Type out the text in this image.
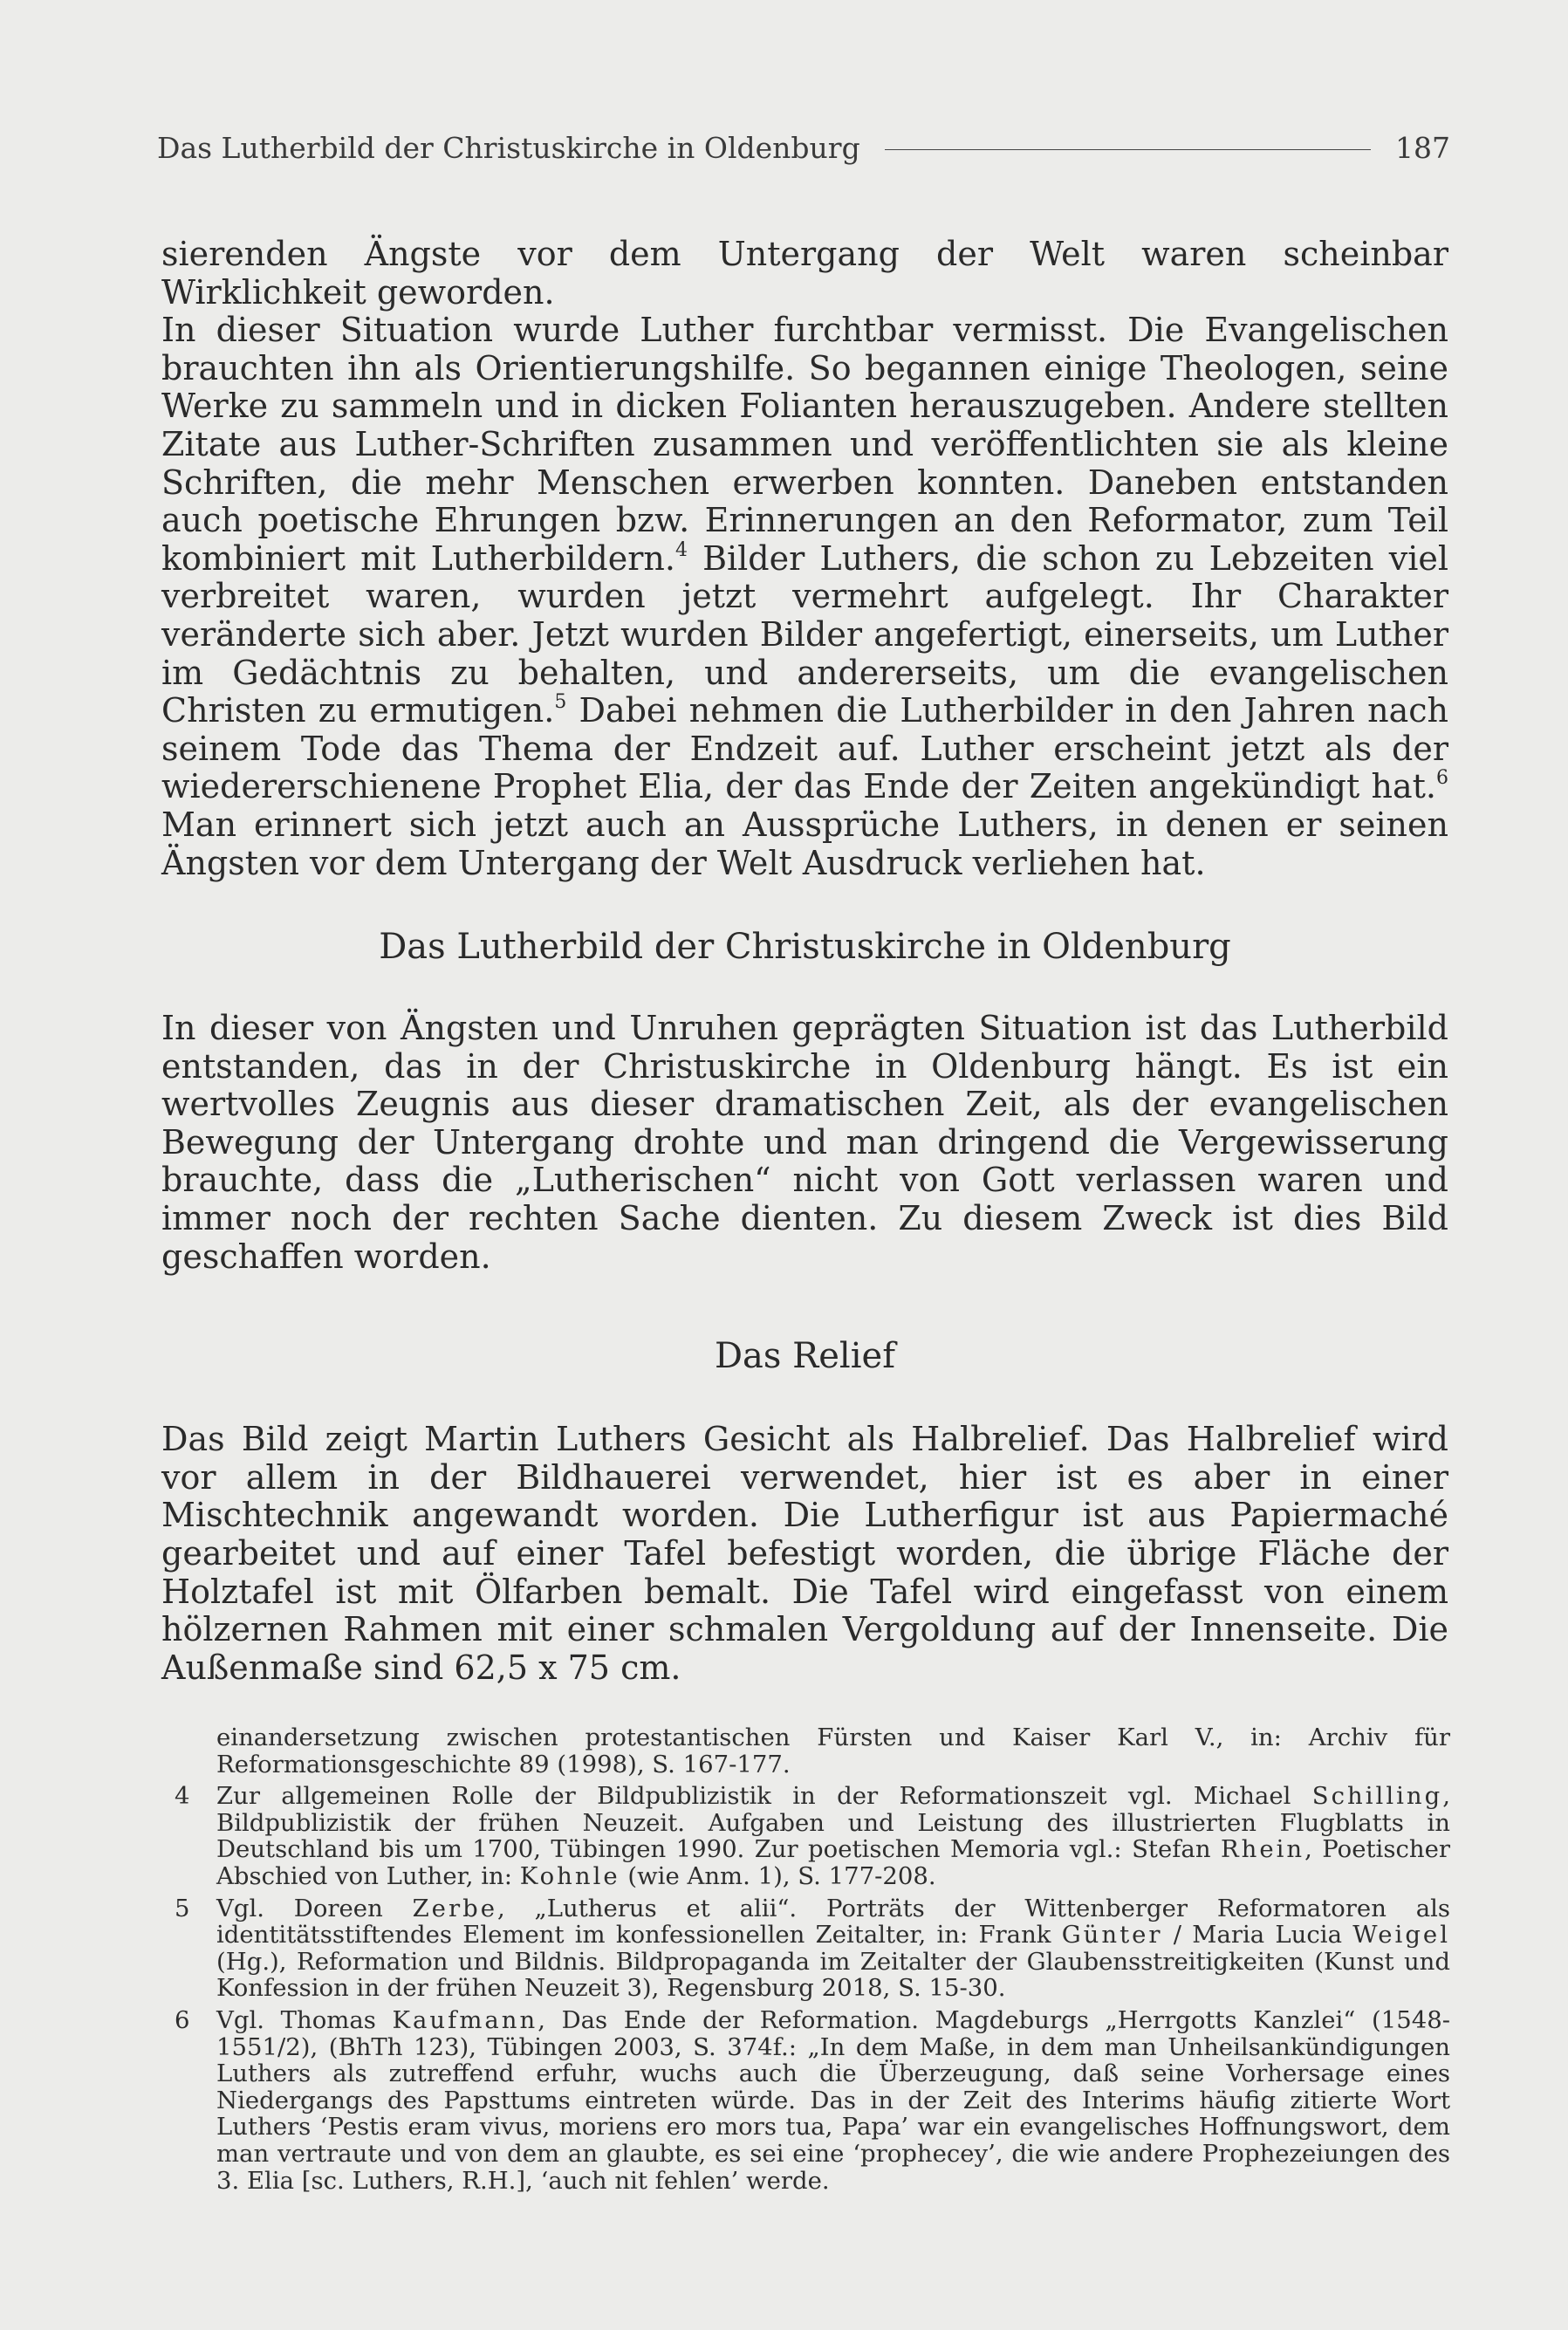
Das Lutherbild der Christuskirche in Oldenburg	187

sierenden Ängste vor dem Untergang der Welt waren scheinbar Wirklichkeit geworden.

In dieser Situation wurde Luther furchtbar vermisst. Die Evangelischen brauchten ihn als Orientierungshilfe. So begannen einige Theologen, seine Werke zu sammeln und in dicken Folianten herauszugeben. Andere stellten Zitate aus Luther-Schriften zusammen und veröffentlichten sie als kleine Schriften, die mehr Menschen erwerben konnten. Daneben entstanden auch poetische Ehrungen bzw. Erinnerungen an den Reformator, zum Teil kombiniert mit Lutherbildern.$^4$ Bilder Luthers, die schon zu Lebzeiten viel verbreitet waren, wurden jetzt vermehrt aufgelegt. Ihr Charakter veränderte sich aber. Jetzt wurden Bilder angefertigt, einerseits, um Luther im Gedächtnis zu behalten, und andererseits, um die evangelischen Christen zu ermutigen.$^5$ Dabei nehmen die Lutherbilder in den Jahren nach seinem Tode das Thema der Endzeit auf. Luther erscheint jetzt als der wiedererschienene Prophet Elia, der das Ende der Zeiten angekündigt hat.$^6$ Man erinnert sich jetzt auch an Aussprüche Luthers, in denen er seinen Ängsten vor dem Untergang der Welt Ausdruck verliehen hat.

Das Lutherbild der Christuskirche in Oldenburg

In dieser von Ängsten und Unruhen geprägten Situation ist das Lutherbild entstanden, das in der Christuskirche in Oldenburg hängt. Es ist ein wertvolles Zeugnis aus dieser dramatischen Zeit, als der evangelischen Bewegung der Untergang drohte und man dringend die Vergewisserung brauchte, dass die „Lutherischen“ nicht von Gott verlassen waren und immer noch der rechten Sache dienten. Zu diesem Zweck ist dies Bild geschaffen worden.

Das Relief

Das Bild zeigt Martin Luthers Gesicht als Halbrelief. Das Halbrelief wird vor allem in der Bildhauerei verwendet, hier ist es aber in einer Mischtechnik angewandt worden. Die Lutherfigur ist aus Papiermaché gearbeitet und auf einer Tafel befestigt worden, die übrige Fläche der Holztafel ist mit Ölfarben bemalt. Die Tafel wird eingefasst von einem hölzernen Rahmen mit einer schmalen Vergoldung auf der Innenseite. Die Außenmaße sind 62,5 x 75 cm.

einandersetzung zwischen protestantischen Fürsten und Kaiser Karl V., in: Archiv für Reformationsgeschichte 89 (1998), S. 167-177.
4	Zur allgemeinen Rolle der Bildpublizistik in der Reformationszeit vgl. Michael Schilling, Bildpublizistik der frühen Neuzeit. Aufgaben und Leistung des illustrierten Flugblatts in Deutschland bis um 1700, Tübingen 1990. Zur poetischen Memoria vgl.: Stefan Rhein, Poetischer Abschied von Luther, in: Kohnle (wie Anm. 1), S. 177-208.
5	Vgl. Doreen Zerbe, „Lutherus et alii“. Porträts der Wittenberger Reformatoren als identitätsstiftendes Element im konfessionellen Zeitalter, in: Frank Günter / Maria Lucia Weigel (Hg.), Reformation und Bildnis. Bildpropaganda im Zeitalter der Glaubensstreitigkeiten (Kunst und Konfession in der frühen Neuzeit 3), Regensburg 2018, S. 15-30.
6	Vgl. Thomas Kaufmann, Das Ende der Reformation. Magdeburgs „Herrgotts Kanzlei“ (1548-1551/2), (BhTh 123), Tübingen 2003, S. 374f.: „In dem Maße, in dem man Unheilsankündigungen Luthers als zutreffend erfuhr, wuchs auch die Überzeugung, daß seine Vorhersage eines Niedergangs des Papsttums eintreten würde. Das in der Zeit des Interims häufig zitierte Wort Luthers ‘Pestis eram vivus, moriens ero mors tua, Papa’ war ein evangelisches Hoffnungswort, dem man vertraute und von dem an glaubte, es sei eine ‘prophecey’, die wie andere Prophezeiungen des 3. Elia [sc. Luthers, R.H.], ‘auch nit fehlen’ werde.
